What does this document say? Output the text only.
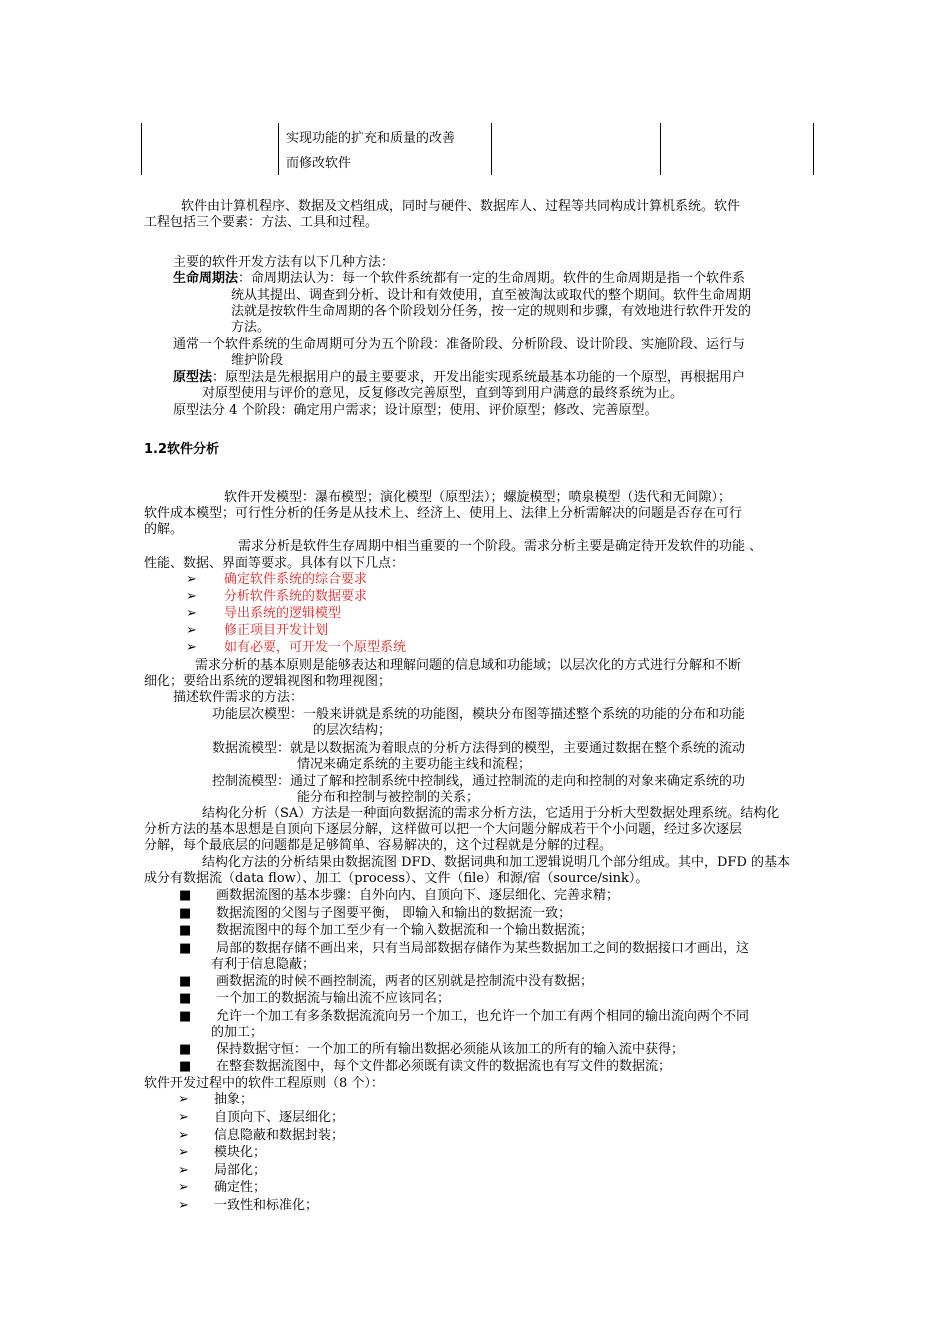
实现功能的扩充和质量的改善
而修改软件
软件由计算机程序、数据及文档组成，同时与硬件、数据库人、过程等共同构成计算机系统。软件
工程包括三个要素：方法、工具和过程。
主要的软件开发方法有以下几种方法：
生命周期法：命周期法认为：每一个软件系统都有一定的生命周期。软件的生命周期是指一个软件系
统从其提出、调查到分析、设计和有效使用，直至被淘汰或取代的整个期间。软件生命周期
法就是按软件生命周期的各个阶段划分任务，按一定的规则和步骤，有效地进行软件开发的
方法。
通常一个软件系统的生命周期可分为五个阶段：准备阶段、分析阶段、设计阶段、实施阶段、运行与
维护阶段
原型法：原型法是先根据用户的最主要要求，开发出能实现系统最基本功能的一个原型，再根据用户
对原型使用与评价的意见，反复修改完善原型，直到等到用户满意的最终系统为止。
原型法分 4 个阶段：确定用户需求；设计原型；使用、评价原型；修改、完善原型。
1.2软件分析
软件开发模型：瀑布模型；演化模型（原型法）；螺旋模型；喷泉模型（迭代和无间隙）；
软件成本模型；可行性分析的任务是从技术上、经济上、使用上、法律上分析需解决的问题是否存在可行
的解。
需求分析是软件生存周期中相当重要的一个阶段。需求分析主要是确定待开发软件的功能 、
性能、数据、界面等要求。具体有以下几点：
➢ 确定软件系统的综合要求
➢ 分析软件系统的数据要求
➢ 导出系统的逻辑模型
➢ 修正项目开发计划
➢ 如有必要，可开发一个原型系统
需求分析的基本原则是能够表达和理解问题的信息域和功能域；以层次化的方式进行分解和不断
细化；要给出系统的逻辑视图和物理视图；
描述软件需求的方法：
功能层次模型：一般来讲就是系统的功能图，模块分布图等描述整个系统的功能的分布和功能
的层次结构；
数据流模型：就是以数据流为着眼点的分析方法得到的模型，主要通过数据在整个系统的流动
情况来确定系统的主要功能主线和流程；
控制流模型：通过了解和控制系统中控制线，通过控制流的走向和控制的对象来确定系统的功
能分布和控制与被控制的关系；
结构化分析（SA）方法是一种面向数据流的需求分析方法，它适用于分析大型数据处理系统。结构化
分析方法的基本思想是自顶向下逐层分解，这样做可以把一个大问题分解成若干个小问题，经过多次逐层
分解，每个最底层的问题都是足够简单、容易解决的，这个过程就是分解的过程。
结构化方法的分析结果由数据流图 DFD、数据词典和加工逻辑说明几个部分组成。其中，DFD 的基本
成分有数据流（data flow）、加工（process）、文件（file）和源/宿（source/sink）。
■ 画数据流图的基本步骤：自外向内、自顶向下、逐层细化、完善求精；
■ 数据流图的父图与子图要平衡， 即输入和输出的数据流一致；
■ 数据流图中的每个加工至少有一个输入数据流和一个输出数据流；
■ 局部的数据存储不画出来，只有当局部数据存储作为某些数据加工之间的数据接口才画出，这
有利于信息隐蔽；
■ 画数据流的时候不画控制流，两者的区别就是控制流中没有数据；
■ 一个加工的数据流与输出流不应该同名；
■ 允许一个加工有多条数据流流向另一个加工，也允许一个加工有两个相同的输出流向两个不同
的加工；
■ 保持数据守恒：一个加工的所有输出数据必须能从该加工的所有的输入流中获得；
■ 在整套数据流图中，每个文件都必须既有读文件的数据流也有写文件的数据流；
软件开发过程中的软件工程原则（8 个）：
➢ 抽象；
➢ 自顶向下、逐层细化；
➢ 信息隐蔽和数据封装；
➢ 模块化；
➢ 局部化；
➢ 确定性；
➢ 一致性和标准化；
